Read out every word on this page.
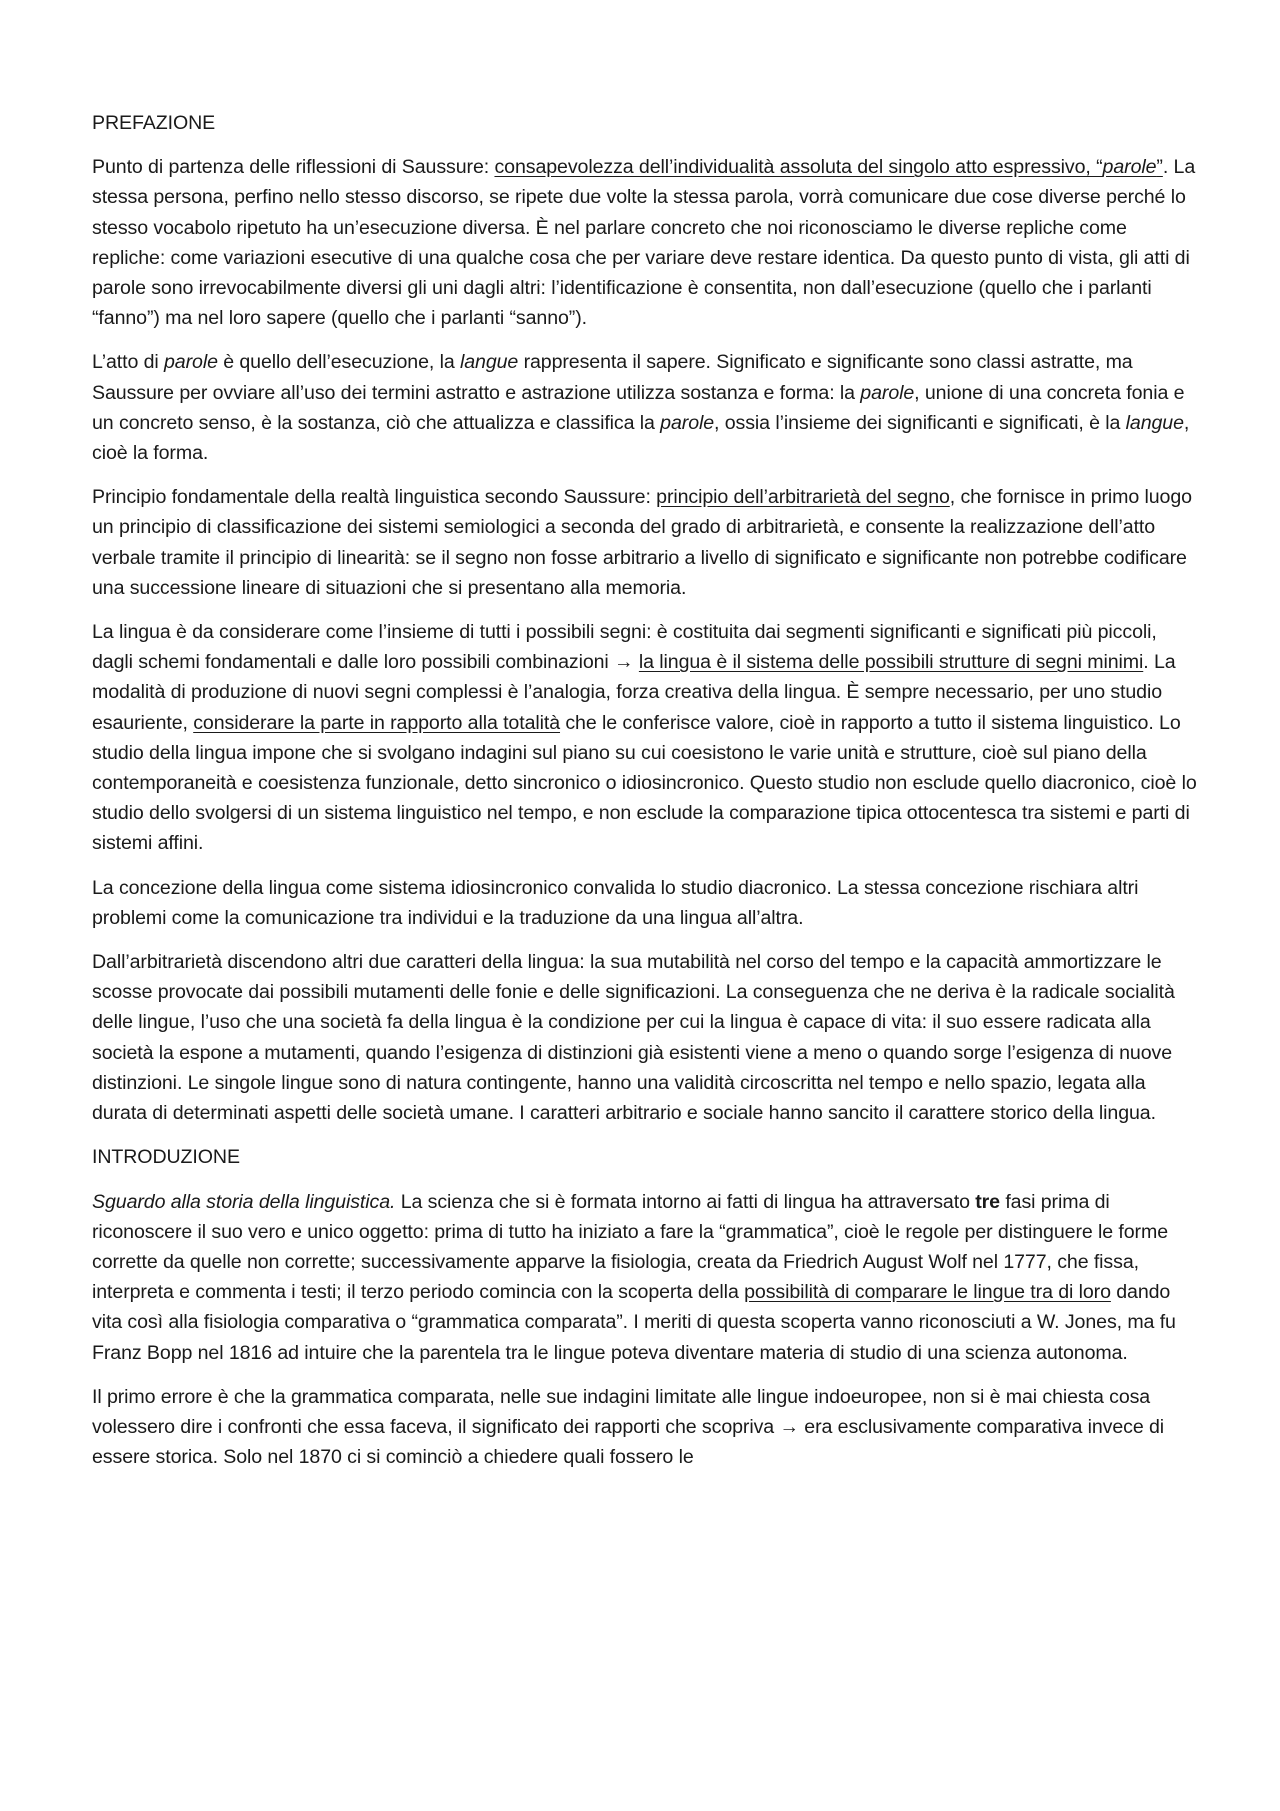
PREFAZIONE

Punto di partenza delle riflessioni di Saussure: consapevolezza dell’individualità assoluta del singolo atto espressivo, “parole”. La stessa persona, perfino nello stesso discorso, se ripete due volte la stessa parola, vorrà comunicare due cose diverse perché lo stesso vocabolo ripetuto ha un’esecuzione diversa. È nel parlare concreto che noi riconosciamo le diverse repliche come repliche: come variazioni esecutive di una qualche cosa che per variare deve restare identica. Da questo punto di vista, gli atti di parole sono irrevocabilmente diversi gli uni dagli altri: l’identificazione è consentita, non dall’esecuzione (quello che i parlanti “fanno”) ma nel loro sapere (quello che i parlanti “sanno”).

L’atto di parole è quello dell’esecuzione, la langue rappresenta il sapere. Significato e significante sono classi astratte, ma Saussure per ovviare all’uso dei termini astratto e astrazione utilizza sostanza e forma: la parole, unione di una concreta fonia e un concreto senso, è la sostanza, ciò che attualizza e classifica la parole, ossia l’insieme dei significanti e significati, è la langue, cioè la forma.

Principio fondamentale della realtà linguistica secondo Saussure: principio dell’arbitrarietà del segno, che fornisce in primo luogo un principio di classificazione dei sistemi semiologici a seconda del grado di arbitrarietà, e consente la realizzazione dell’atto verbale tramite il principio di linearità: se il segno non fosse arbitrario a livello di significato e significante non potrebbe codificare una successione lineare di situazioni che si presentano alla memoria.

La lingua è da considerare come l’insieme di tutti i possibili segni: è costituita dai segmenti significanti e significati più piccoli, dagli schemi fondamentali e dalle loro possibili combinazioni → la lingua è il sistema delle possibili strutture di segni minimi. La modalità di produzione di nuovi segni complessi è l’analogia, forza creativa della lingua. È sempre necessario, per uno studio esauriente, considerare la parte in rapporto alla totalità che le conferisce valore, cioè in rapporto a tutto il sistema linguistico. Lo studio della lingua impone che si svolgano indagini sul piano su cui coesistono le varie unità e strutture, cioè sul piano della contemporaneità e coesistenza funzionale, detto sincronico o idiosincronico. Questo studio non esclude quello diacronico, cioè lo studio dello svolgersi di un sistema linguistico nel tempo, e non esclude la comparazione tipica ottocentesca tra sistemi e parti di sistemi affini.

La concezione della lingua come sistema idiosincronico convalida lo studio diacronico. La stessa concezione rischiara altri problemi come la comunicazione tra individui e la traduzione da una lingua all’altra.

Dall’arbitrarietà discendono altri due caratteri della lingua: la sua mutabilità nel corso del tempo e la capacità ammortizzare le scosse provocate dai possibili mutamenti delle fonie e delle significazioni. La conseguenza che ne deriva è la radicale socialità delle lingue, l’uso che una società fa della lingua è la condizione per cui la lingua è capace di vita: il suo essere radicata alla società la espone a mutamenti, quando l’esigenza di distinzioni già esistenti viene a meno o quando sorge l’esigenza di nuove distinzioni. Le singole lingue sono di natura contingente, hanno una validità circoscritta nel tempo e nello spazio, legata alla durata di determinati aspetti delle società umane. I caratteri arbitrario e sociale hanno sancito il carattere storico della lingua.

INTRODUZIONE

Sguardo alla storia della linguistica. La scienza che si è formata intorno ai fatti di lingua ha attraversato tre fasi prima di riconoscere il suo vero e unico oggetto: prima di tutto ha iniziato a fare la “grammatica”, cioè le regole per distinguere le forme corrette da quelle non corrette; successivamente apparve la fisiologia, creata da Friedrich August Wolf nel 1777, che fissa, interpreta e commenta i testi; il terzo periodo comincia con la scoperta della possibilità di comparare le lingue tra di loro dando vita così alla fisiologia comparativa o “grammatica comparata”. I meriti di questa scoperta vanno riconosciuti a W. Jones, ma fu Franz Bopp nel 1816 ad intuire che la parentela tra le lingue poteva diventare materia di studio di una scienza autonoma.

Il primo errore è che la grammatica comparata, nelle sue indagini limitate alle lingue indoeuropee, non si è mai chiesta cosa volessero dire i confronti che essa faceva, il significato dei rapporti che scopriva → era esclusivamente comparativa invece di essere storica. Solo nel 1870 ci si cominciò a chiedere quali fossero le
